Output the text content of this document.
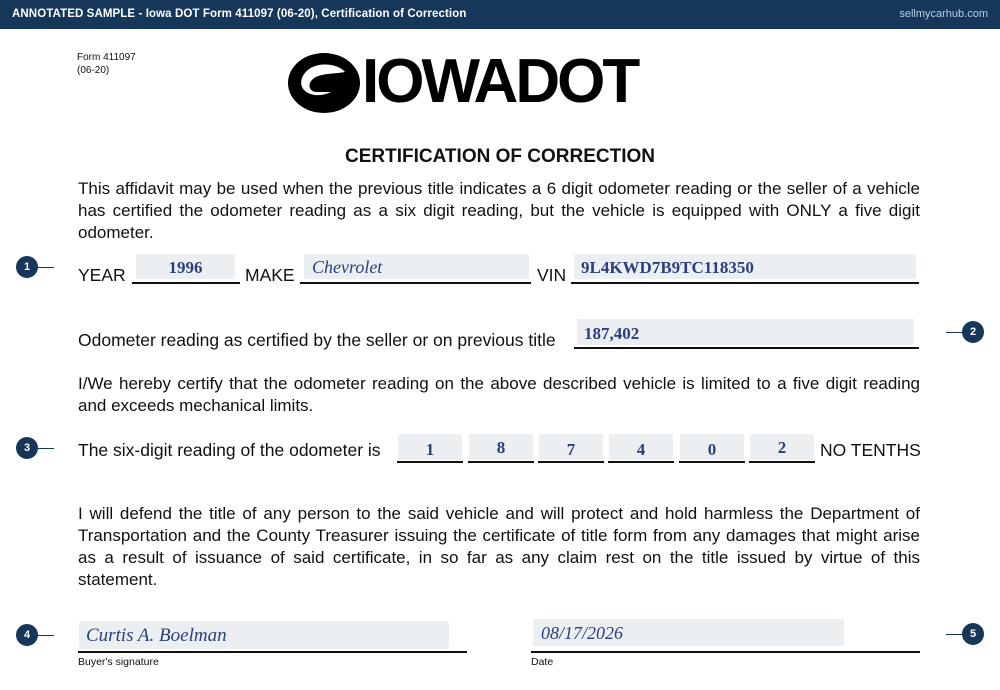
ANNOTATED SAMPLE - Iowa DOT Form 411097 (06-20), Certification of Correction	sellmycarhub.com
Form 411097
(06-20)	IOWADOT
CERTIFICATION OF CORRECTION
This affidavit may be used when the previous title indicates a 6 digit odometer reading or the seller of a vehicle has certified the odometer reading as a six digit reading, but the vehicle is equipped with ONLY a five digit odometer.
1	YEAR	1996	MAKE Chevrolet	VIN 9L4KWD7B9TC118350
2
Odometer reading as certified by the seller or on previous title 187,402
I/We hereby certify that the odometer reading on the above described vehicle is limited to a five digit reading and exceeds mechanical limits.
3	The six-digit reading of the odometer is	1	8	7	4	0	2	NO TENTHS
I will defend the title of any person to the said vehicle and will protect and hold harmless the Department of Transportation and the County Treasurer issuing the certificate of title form from any damages that might arise as a result of issuance of said certificate, in so far as any claim rest on the title issued by virtue of this statement.
4	Curtis A. Boelman
Buyer's signature
08/17/2026
Date
5
